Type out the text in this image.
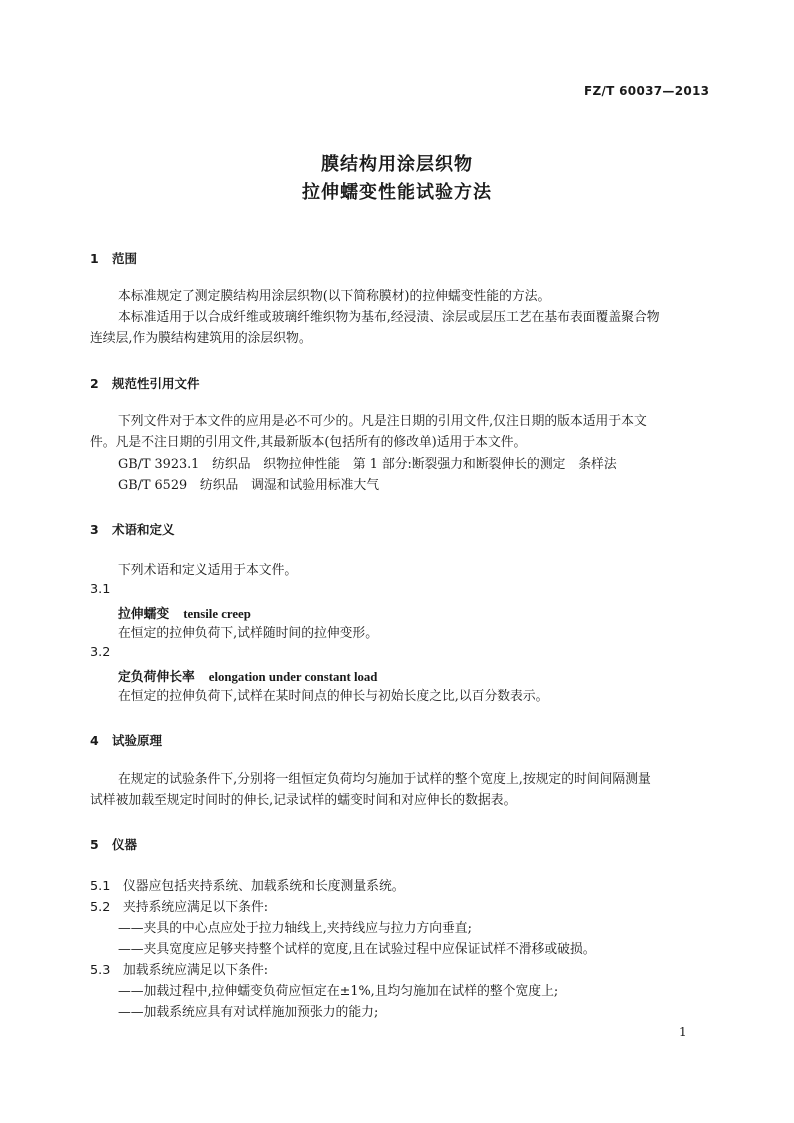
FZ/T 60037—2013
膜结构用涂层织物
拉伸蠕变性能试验方法
1 范围
本标准规定了测定膜结构用涂层织物(以下简称膜材)的拉伸蠕变性能的方法。
本标准适用于以合成纤维或玻璃纤维织物为基布,经浸渍、涂层或层压工艺在基布表面覆盖聚合物
连续层,作为膜结构建筑用的涂层织物。
2 规范性引用文件
下列文件对于本文件的应用是必不可少的。凡是注日期的引用文件,仅注日期的版本适用于本文
件。凡是不注日期的引用文件,其最新版本(包括所有的修改单)适用于本文件。
GB/T 3923.1　纺织品　织物拉伸性能　第 1 部分:断裂强力和断裂伸长的测定　条样法
GB/T 6529　纺织品　调湿和试验用标准大气
3 术语和定义
下列术语和定义适用于本文件。
3.1
拉伸蠕变 tensile creep
在恒定的拉伸负荷下,试样随时间的拉伸变形。
3.2
定负荷伸长率 elongation under constant load
在恒定的拉伸负荷下,试样在某时间点的伸长与初始长度之比,以百分数表示。
4 试验原理
在规定的试验条件下,分别将一组恒定负荷均匀施加于试样的整个宽度上,按规定的时间间隔测量
试样被加载至规定时间时的伸长,记录试样的蠕变时间和对应伸长的数据表。
5 仪器
5.1 仪器应包括夹持系统、加载系统和长度测量系统。
5.2 夹持系统应满足以下条件:
——夹具的中心点应处于拉力轴线上,夹持线应与拉力方向垂直;
——夹具宽度应足够夹持整个试样的宽度,且在试验过程中应保证试样不滑移或破损。
5.3 加载系统应满足以下条件:
——加载过程中,拉伸蠕变负荷应恒定在±1%,且均匀施加在试样的整个宽度上;
——加载系统应具有对试样施加预张力的能力;
1
